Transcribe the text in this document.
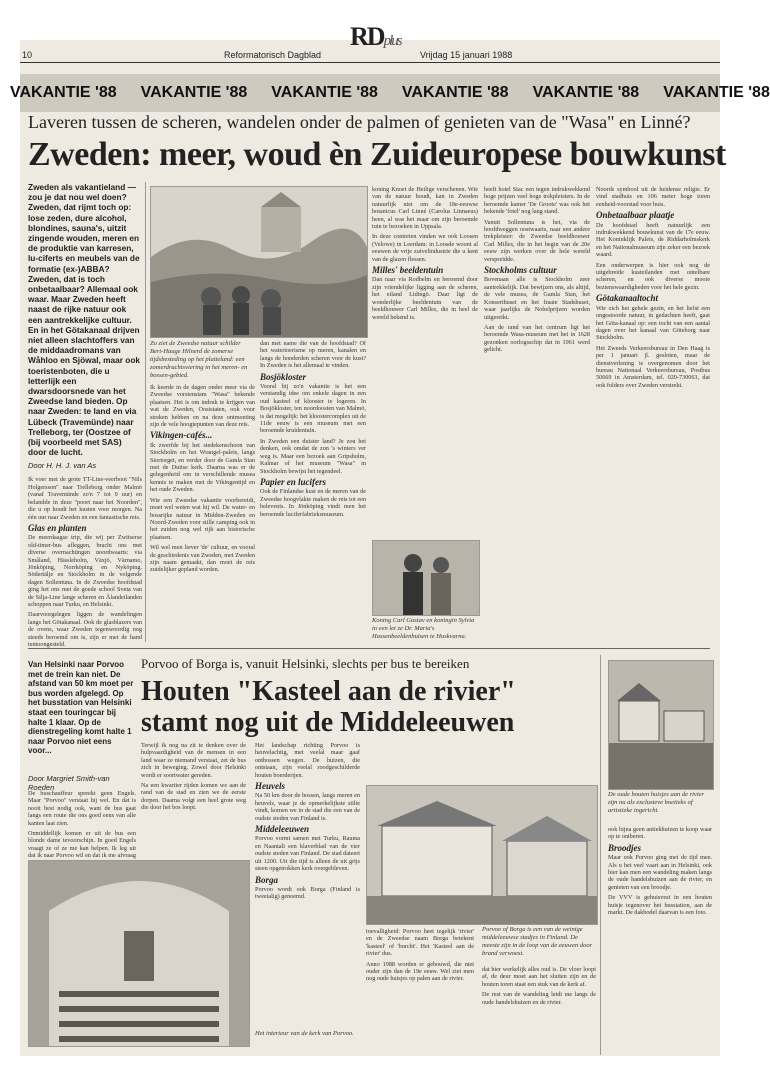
10	Reformatorisch Dagblad
RDplus
Vrijdag 15 januari 1988
VAKANTIE '88 VAKANTIE '88 VAKANTIE '88 VAKANTIE '88 VAKANTIE '88 VAKANTIE '88
Laveren tussen de scheren, wandelen onder de palmen of genieten van de "Wasa" en Linné?
Zweden: meer, woud èn Zuideuropese bouwkunst
Zweden als vakantieland — zou je dat nou wel doen? Zweden, dat rijmt toch op: lose zeden, dure alcohol, blondines, sauna's, uitzit zingende wouden, meren en de produktie van karresen, lu-ciferts en meubels van de formatie (ex-)ABBA? Zweden, dat is toch onbetaalbaar? Allemaal ook waar. Maar Zweden heeft naast de rijke natuur ook een aantrekkelijke cultuur. En in het Götakanaal drijven niet alleen slachtoffers van de middaadromans van Wåhloo en Sjöwal, maar ook toeristenboten, die u letterlijk een dwarsdoorsnede van het Zweedse land bieden. Op naar Zweden: te land en via Lübeck (Travemünde) naar Trelleborg, ter (Oostzee of (bij voorbeeld met SAS) door de lucht.
Door H. H. J. van As

Ik voer met de grote TT-Line-veerboot "Nils Holgersson" naar Trelleborg onder Malmö (vanaf Travemünde zo'n 7 tot 9 uur) en belandde in deze "poort naar het Noorden", die u op houdt het kusten voor morgen. Na één uur naar Zweden en een fantastische reis.

Glas en planten

De meerdaagse trip, die wij per Zwitserse old-timer-bus afleggen, bracht ons met diverse overnachtingen noordwaarts: via Småland, Hässleholm, Växjö, Värnamo, Jönköping, Norrköping en Nyköping. Södertälje en Stockholm in de volgende dagen Sollentuna. In de Zweedse hoofdstad ging het ons met de goede school Sveta van de Silja-Line lange scheren en Ålandeilanden schoppen naar Turku, en Helsinki.

Daarvoorgelegen liggen de wandelingen langs het Götakanaal. Ook de glasblazers van de ovens, waar Zweden tegenwoordig nog steeds beroemd om is, zijn er met de hand tentoongesteld.

Zo ziet de Zweedse natuur schilder Bert-Hauge Hilnerd de zomerse tijdsbesteding op het platteland: een zomerdrachtsviering in het meren- en bossen-gebied.

Ik keerde in de dagen onder meer via de Zweedse vorstenstam "Wasa" bekende plaatsen. Het is om indruk te krijgen van wat de Zweden, Ooststaten, ook voor streken hebben en na deze ontmoeting zijn de vele hoogtepunten van deze reis.

Vikingen-cafés...

Ik zwerfde bij het stedekenschoon van Stockholm en het Wrangel-paleis, langs Stortorget, en verder door de Gamla Stan met de Duitse kerk. Daarna was er de gelegenheid om in verschillende musea kennis te maken met de Vikingentijd en het oude Zweden.

Wie een Zweedse vakantie voorbereidt, moet wel weten wat hij wil. De water- en bossrijke natuur in Midden-Zweden en Noord-Zweden voor stille camping ook in het zuiden nog wel rijk aan historische plaatsen.

Wil wel men liever 'de' cultuur, en vooral de geschiedenis van Zweden, met Zweden zijn naam gemaakt, dan moet de reis zuidelijker gepland worden.

dan met name die van de hoofdstad? Of het watertoerisme op meren, kanalen en langs de honderden scheren voor de kust? In Zweden is het allemaal te vinden.

Bosjökloster

Vooral bij zo'n vakantie is het een verstandig idee om enkele dagen in een oud kasteel of klooster te logeren. In Bosjökloster, ten noordoosten van Malmö, is dat mogelijk: het kloostercomplex uit de 11de eeuw is een museum met een beroemde kruidentuin.

In Zweden een duister land? Je zou het denken, ook omdat de zon 's winters ver weg is. Maar een bezoek aan Gripsholm, Kalmar of het museum "Wasa" in Stockholm bewijst het tegendeel.

Papier en lucifers

Ook de Finlandse kust en de meren van de Zweedse hoogvlakte maken de reis tot een belevenis. In Jönköping vindt men het beroemde luciferfabrieksmuseum.

koning Knoet de Heilige verschenen. Wie van de natuur houdt, kan in Zweden natuurlijk niet om de 18e-eeuwse botanicus Carl Linné (Carolus Linnaeus) heen, al was het maar om zijn beroemde tuin te bezoeken in Uppsala.

In deze contreien vinden we ook Loosen (Velowe) in Leerdam: in Loosde woont al eeuwen de vrije zuivelindustrie die u kent van de glazen flessen.

Milles' beeldentuin

Dan naar via Rodbelm en beroemd door zijn vriendelijke ligging aan de scheren, het eiland Lidingö. Daar ligt de wonderlijke beeldentuin van de beeldhouwer Carl Milles, die in heel de wereld bekend is.

Koning Carl Gustav en koningin Sylvia in een let ze Dr. Maria's Hassenbeeldenhuisen te Huskvarna.

heeft hotel Stac een tegen indrukwekkend hoge prijzen veel hoge trekpleisters. In de beroemde kamer 'De Groote' was ook het bekende 'fotel' nog lang stand.

Vanuit Sollentuna is het, via de hoofdweggen oostwaarts, naar een andere trekpleister: de Zweedse beeldhouwer Carl Milles, die in het begin van de 20e eeuw zijn werken over de hele wereld verspreidde.

Stockholms cultuur

Bovenaan alle is Stockholm zeer aantrekkelijk. Dat bewijzen ons, als altijd, de vele musea, de Gamla Stan, het Konserthuset en het fraaie Stadshuset, waar jaarlijks de Nobelprijzen worden uitgereikt.

Aan de rand van het centrum ligt het beroemde Wasa-museum met het in 1628 gezonken oorlogsschip dat in 1961 werd gelicht.

Noords symbool uit de heidense religie. Er vind stadhuis en 106 meter hoge toren eenheid-voorstad voor huis.

Onbetaalbaar plaatje

De hoofdstad heeft natuurlijk een indrukwekkend bouwkunst van de 17e eeuw. Het Koninklijk Paleis, de Riddarholmskerk en het Nationalmuseum zijn zeker een bezoek waard.

Een onderwerpen is hier ook nog de uitgebreide kusteilanden met ontelbare scheren, en ook diverse mooie bezienswaardigheden voor het hele gezin.

Götakanaaltocht

Wie zich het gehele gezin, en het liefst een ongestoorde natuur, in gedachten heeft, gaat het Göta-kanaal op: een tocht van een aantal dagen over het kanaal van Göteborg naar Stockholm.

Het Zweeds Verkeersbureau in Den Haag is per 1 januari jl. gesloten, maar de dienstverlening is overgenomen door het bureau Nationaal Verkeersbureau, Postbus 50669 in Amsterdam, tel. 020-730063, dat ook folders over Zweden verstrekt.

Van Helsinki naar Porvoo met de trein kan niet. De afstand van 50 km moet per bus worden afgelegd. Op het busstation van Helsinki staat een touringcar bij halte 1 klaar. Op de dienstregeling komt halte 1 naar Porvoo niet eens voor...
Door Margriet Smith-van Roeden

De buschauffeur spreekt geen Engels. Maar "Porvoo" verstaat hij wel. En dat is nooit best nodig ook, want de bus gaat langs een route die ons goed eens van alle kanten laat zien.

Onmiddellijk komen er uit de bus een blonde dame tevoorschijn. In goed Engels vraagt ze of ze me kan helpen. Ik leg uit dat ik naar Porvoo wil en dat ik me afvraag

Porvoo of Borga is, vanuit Helsinki, slechts per bus te bereiken
Houten "Kasteel aan de rivier"
stamt nog uit de Middeleeuwen
Het interieur van de kerk van Porvoo.

Terwijl ik nog na zit te denken over de hulpvaardigheid van de mensen in een land waar ze niemand verstaat, zet de bus zich in beweging. Zowel door Helsinki wordt er soortwater gereden.

Na een kwartier rijden komen we aan de rand van de stad en zien we de eerste dorpen. Daarna volgt een heel grote weg die door het bos loopt.

Het landschap richting Porvoo is heuvelachtig, met veelal maar gaaf ontbossen wegen. De huizen, die ontstaan, zijn veelal roodgeschilderde houten boerderijen.

Heuvels

Na 50 km door de bossen, langs meren en heuvels, waar je de opmerkelijkste stilte vindt, komen we in de stad die een van de oudste steden van Finland is.

Middeleeuwen

Porvoo vormt samen met Turku, Rauma en Naantali een klaverblad van de vier oudste steden van Finland. De stad dateert uit 1200. Uit die tijd is alleen de uit grijs steen opgetrokken kerk overgebleven.

Borga

Porvoo wordt ook Borga (Finland is tweetalig) genoemd.

Porvoo of Borga is een van de weinige middeleeuwse stadjes in Finland. De meeste zijn in de loop van de eeuwen door brand verwoest.

toevalligheid: Porvoo heet tegelijk 'rivier' en de Zweedse naam Borga betekent 'kasteel' of 'burcht'. Het 'Kasteel aan de rivier' dus.

Anno 1988 worden er gebouwd, die niet ouder zijn dan de 19e eeuw. Wel ziet men nog oude huisjes op palen aan de rivier.

dat hier werkelijk alles oud is. De vloer loopt af, de deur moet aan het sluiten zijn en de houten toren staat een stuk van de kerk af.

De rest van de wandeling leidt me langs de oude handelshuizen en de rivier.

De oude houten huisjes aan de rivier zijn nu als exclusieve boetieks of artistieke ingericht.

ook bijna geen antiekhuizen te koop waar op te ontberen.

Broodjes

Maar ook Porvoo ging met de tijd mee. Als u het veel vaart aan in Helsinki, ook hier kan men een wandeling maken langs de oude handelshuizen aan de rivier, en genieten van een broodje.

De VVV is gehuisvest in een houten huisje tegenover het busstation, aan de markt. De dakbodel daarvan is een foto.
